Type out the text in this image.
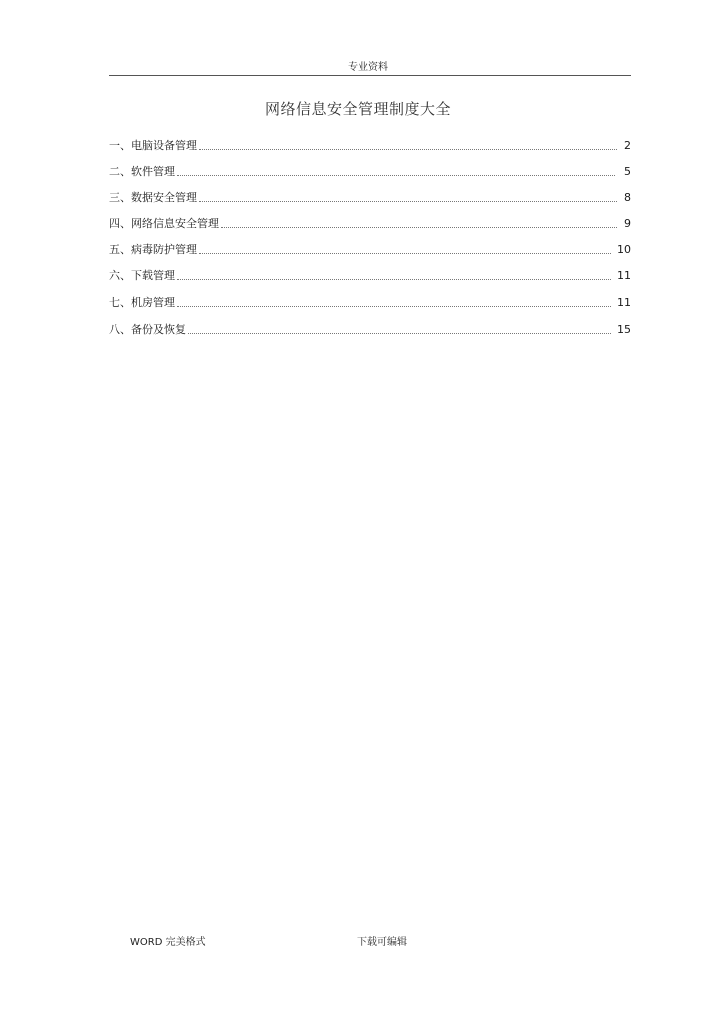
专业资料
网络信息安全管理制度大全
一、电脑设备管理	2
二、软件管理	5
三、数据安全管理	8
四、网络信息安全管理	9
五、病毒防护管理	10
六、下载管理	11
七、机房管理	11
八、备份及恢复	15
WORD 完美格式	下载可编辑
